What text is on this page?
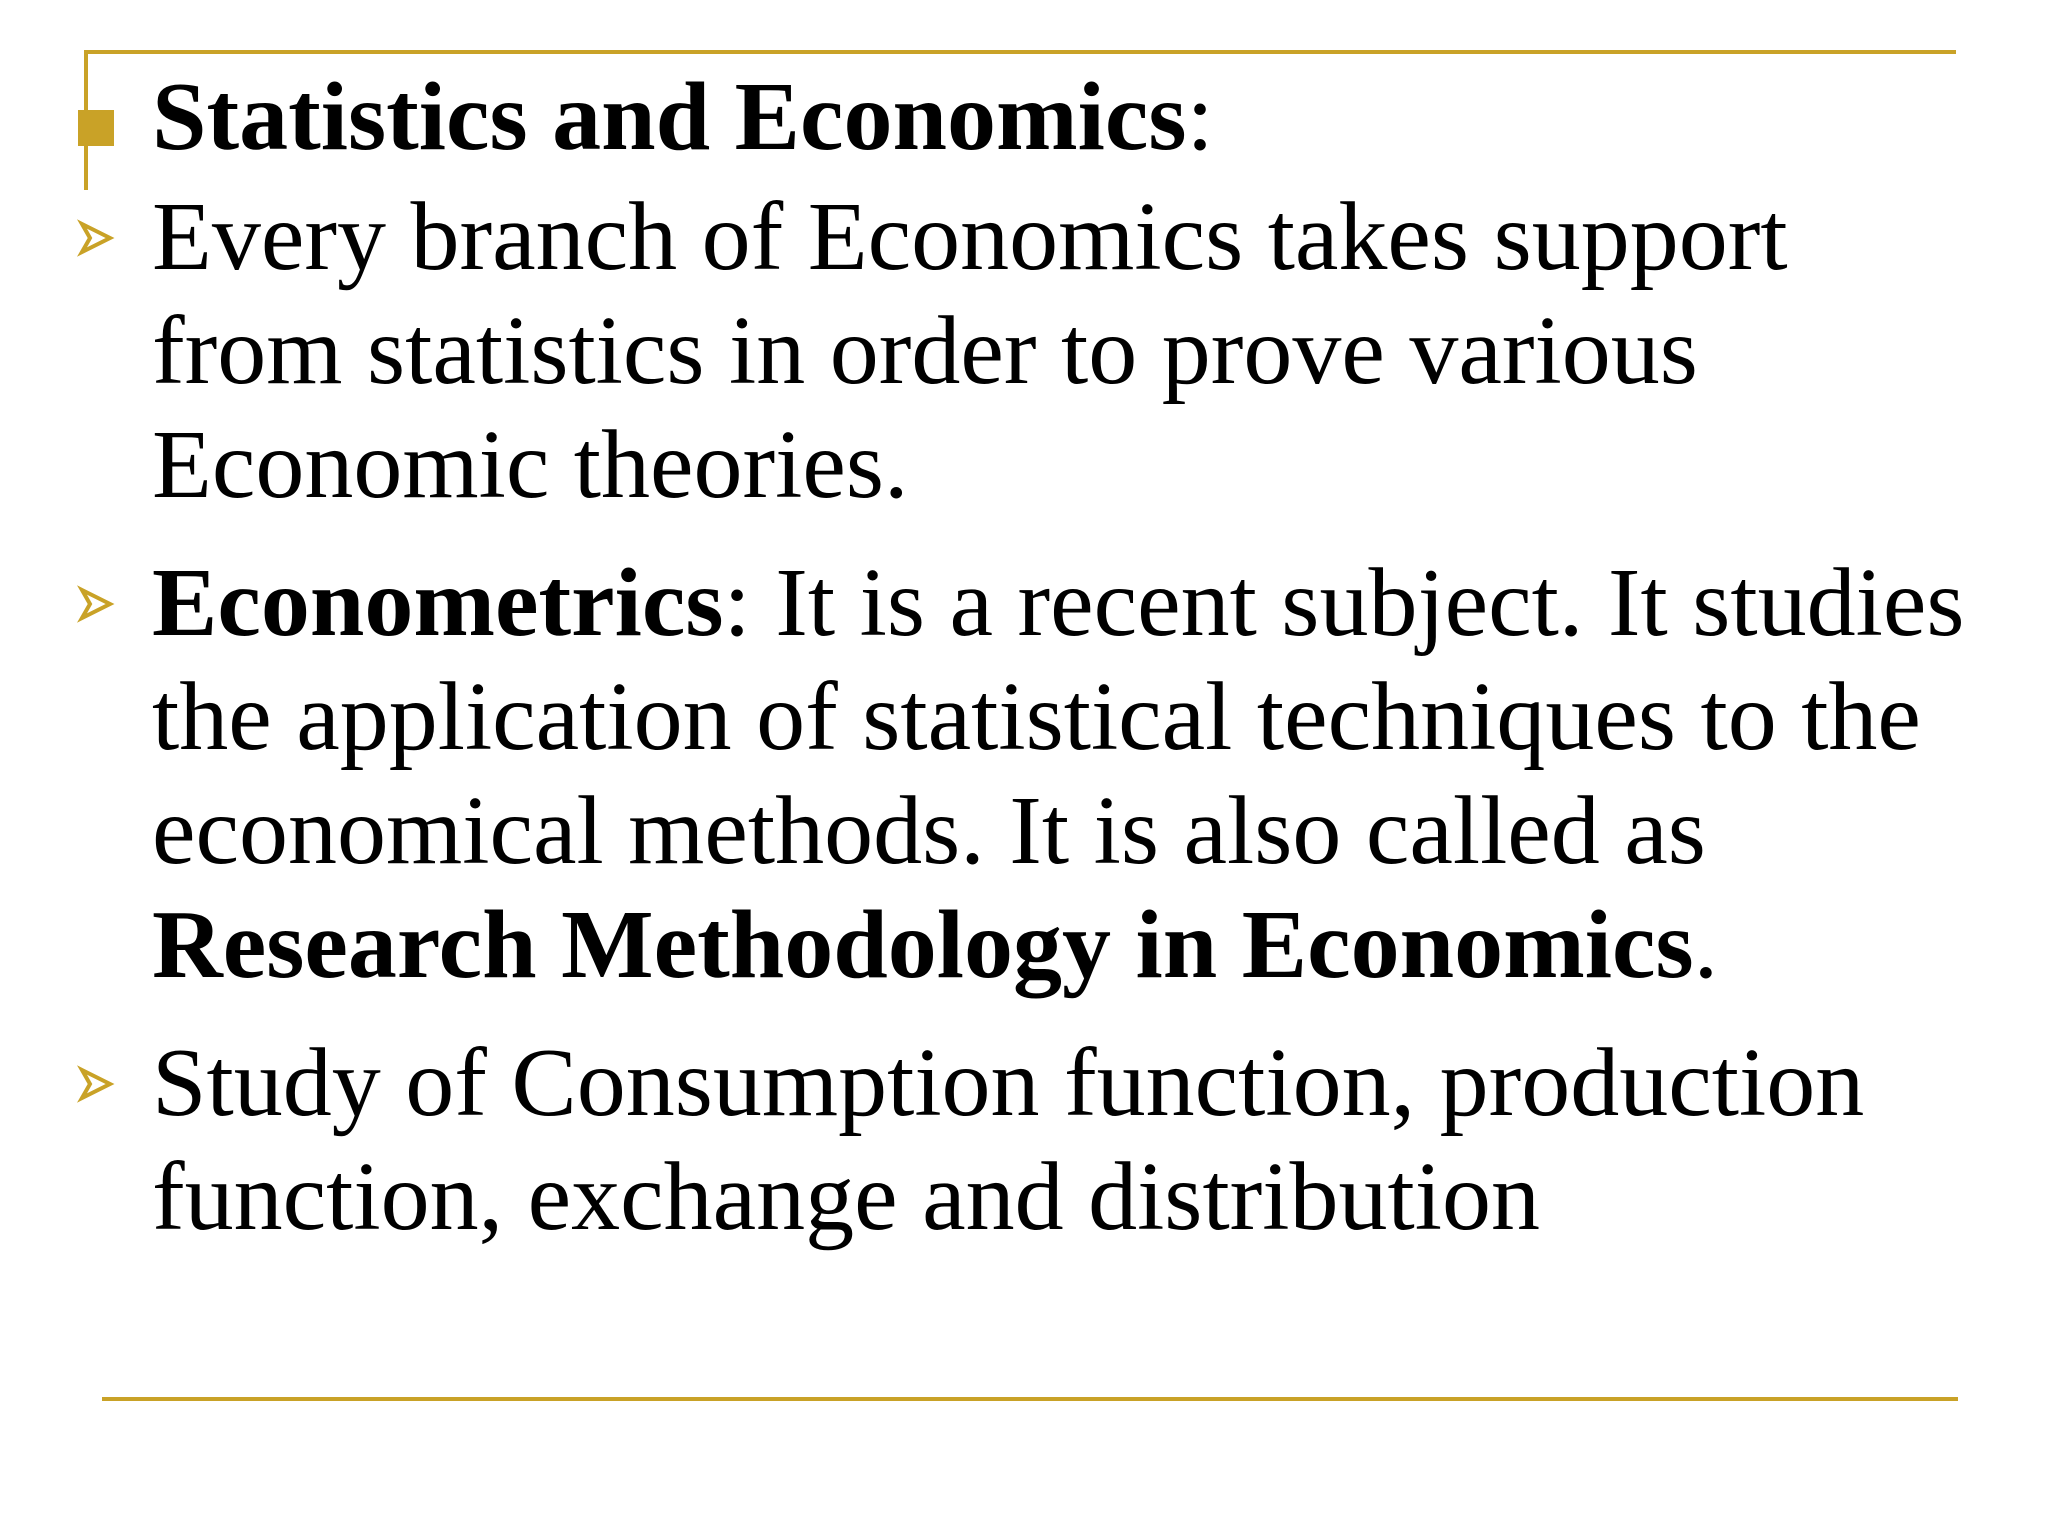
Statistics and Economics:
Every branch of Economics takes support from statistics in order to prove various Economic theories.
Econometrics: It is a recent subject. It studies the application of statistical techniques to the economical methods. It is also called as Research Methodology in Economics.
Study of Consumption function, production function, exchange and distribution
